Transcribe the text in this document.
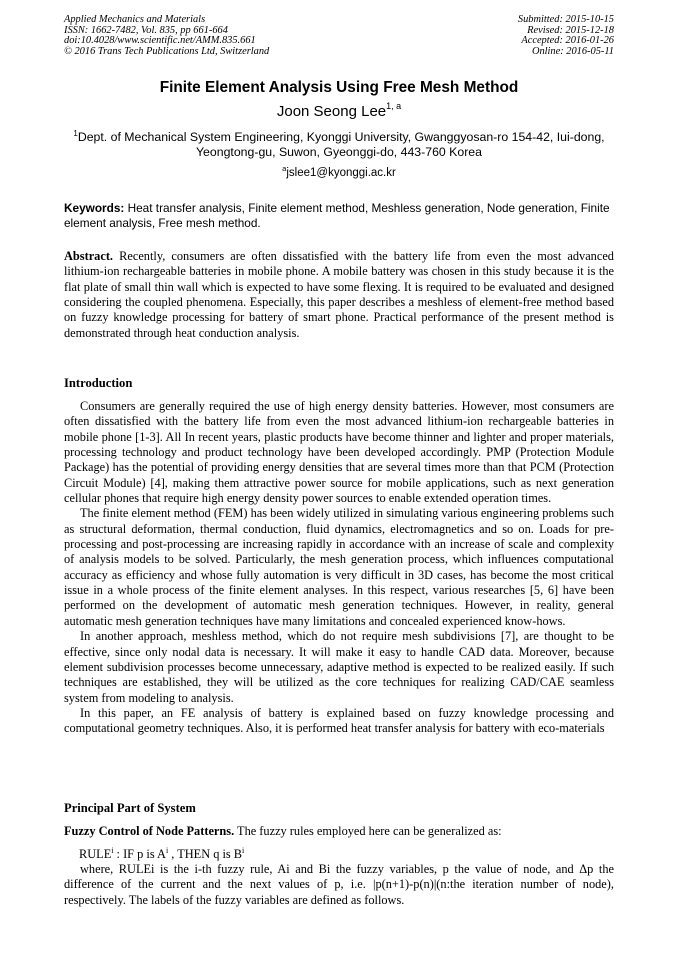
Applied Mechanics and Materials
ISSN: 1662-7482, Vol. 835, pp 661-664
doi:10.4028/www.scientific.net/AMM.835.661
© 2016 Trans Tech Publications Ltd, Switzerland
Submitted: 2015-10-15
Revised: 2015-12-18
Accepted: 2016-01-26
Online: 2016-05-11
Finite Element Analysis Using Free Mesh Method
Joon Seong Lee$^{1, a}$
$^1$Dept. of Mechanical System Engineering, Kyonggi University, Gwanggyosan-ro 154-42, Iui-dong, Yeongtong-gu, Suwon, Gyeonggi-do, 443-760 Korea
$^a$jslee1@kyonggi.ac.kr
Keywords: Heat transfer analysis, Finite element method, Meshless generation, Node generation, Finite element analysis, Free mesh method.

Abstract. Recently, consumers are often dissatisfied with the battery life from even the most advanced lithium-ion rechargeable batteries in mobile phone. A mobile battery was chosen in this study because it is the flat plate of small thin wall which is expected to have some flexing. It is required to be evaluated and designed considering the coupled phenomena. Especially, this paper describes a meshless of element-free method based on fuzzy knowledge processing for battery of smart phone. Practical performance of the present method is demonstrated through heat conduction analysis.

Introduction

Consumers are generally required the use of high energy density batteries. However, most consumers are often dissatisfied with the battery life from even the most advanced lithium-ion rechargeable batteries in mobile phone [1-3]. All In recent years, plastic products have become thinner and lighter and proper materials, processing technology and product technology have been developed accordingly. PMP (Protection Module Package) has the potential of providing energy densities that are several times more than that PCM (Protection Circuit Module) [4], making them attractive power source for mobile applications, such as next generation cellular phones that require high energy density power sources to enable extended operation times.

The finite element method (FEM) has been widely utilized in simulating various engineering problems such as structural deformation, thermal conduction, fluid dynamics, electromagnetics and so on. Loads for pre-processing and post-processing are increasing rapidly in accordance with an increase of scale and complexity of analysis models to be solved. Particularly, the mesh generation process, which influences computational accuracy as efficiency and whose fully automation is very difficult in 3D cases, has become the most critical issue in a whole process of the finite element analyses. In this respect, various researches [5, 6] have been performed on the development of automatic mesh generation techniques. However, in reality, general automatic mesh generation techniques have many limitations and concealed experienced know-hows.

In another approach, meshless method, which do not require mesh subdivisions [7], are thought to be effective, since only nodal data is necessary. It will make it easy to handle CAD data. Moreover, because element subdivision processes become unnecessary, adaptive method is expected to be realized easily. If such techniques are established, they will be utilized as the core techniques for realizing CAD/CAE seamless system from modeling to analysis.

In this paper, an FE analysis of battery is explained based on fuzzy knowledge processing and computational geometry techniques. Also, it is performed heat transfer analysis for battery with eco-materials

Principal Part of System

Fuzzy Control of Node Patterns. The fuzzy rules employed here can be generalized as:

RULE$^i$ : IF p is $A^i$ , THEN q is $B^i$

where, RULEi is the i-th fuzzy rule, Ai and Bi the fuzzy variables, p the value of node, and Δp the difference of the current and the next values of p, i.e. |p(n+1)-p(n)|(n:the iteration number of node), respectively. The labels of the fuzzy variables are defined as follows.
